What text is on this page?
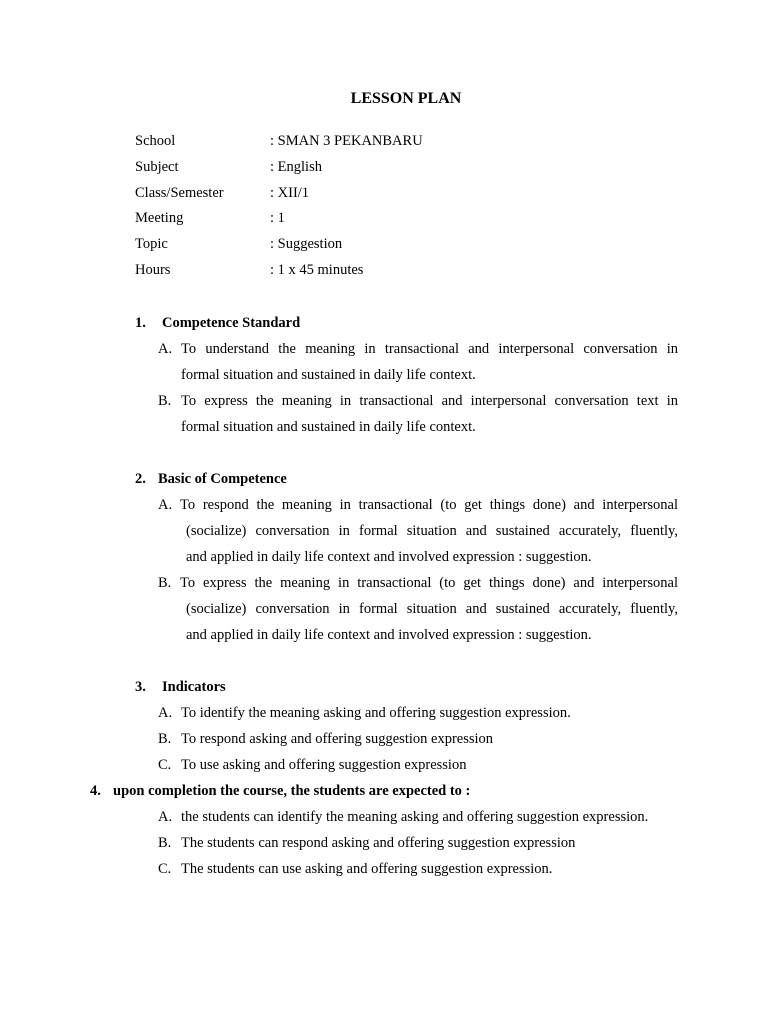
LESSON PLAN
School	: SMAN 3 PEKANBARU
Subject	: English
Class/Semester	: XII/1
Meeting	: 1
Topic	: Suggestion
Hours	: 1 x 45 minutes
1. Competence Standard
A. To understand the meaning in transactional and interpersonal conversation in
formal situation and sustained in daily life context.
B. To express the meaning in transactional and interpersonal conversation text in
formal situation and sustained in daily life context.
2. Basic of Competence
A. To respond the meaning in transactional (to get things done) and interpersonal
(socialize) conversation in formal situation and sustained accurately, fluently,
and applied in daily life context and involved expression : suggestion.
B. To express the meaning in transactional (to get things done) and interpersonal
(socialize) conversation in formal situation and sustained accurately, fluently,
and applied in daily life context and involved expression : suggestion.
3. Indicators
A. To identify the meaning asking and offering suggestion expression.
B. To respond asking and offering suggestion expression
C. To use asking and offering suggestion expression
4. upon completion the course, the students are expected to :
A. the students can identify the meaning asking and offering suggestion expression.
B. The students can respond asking and offering suggestion expression
C. The students can use asking and offering suggestion expression.
